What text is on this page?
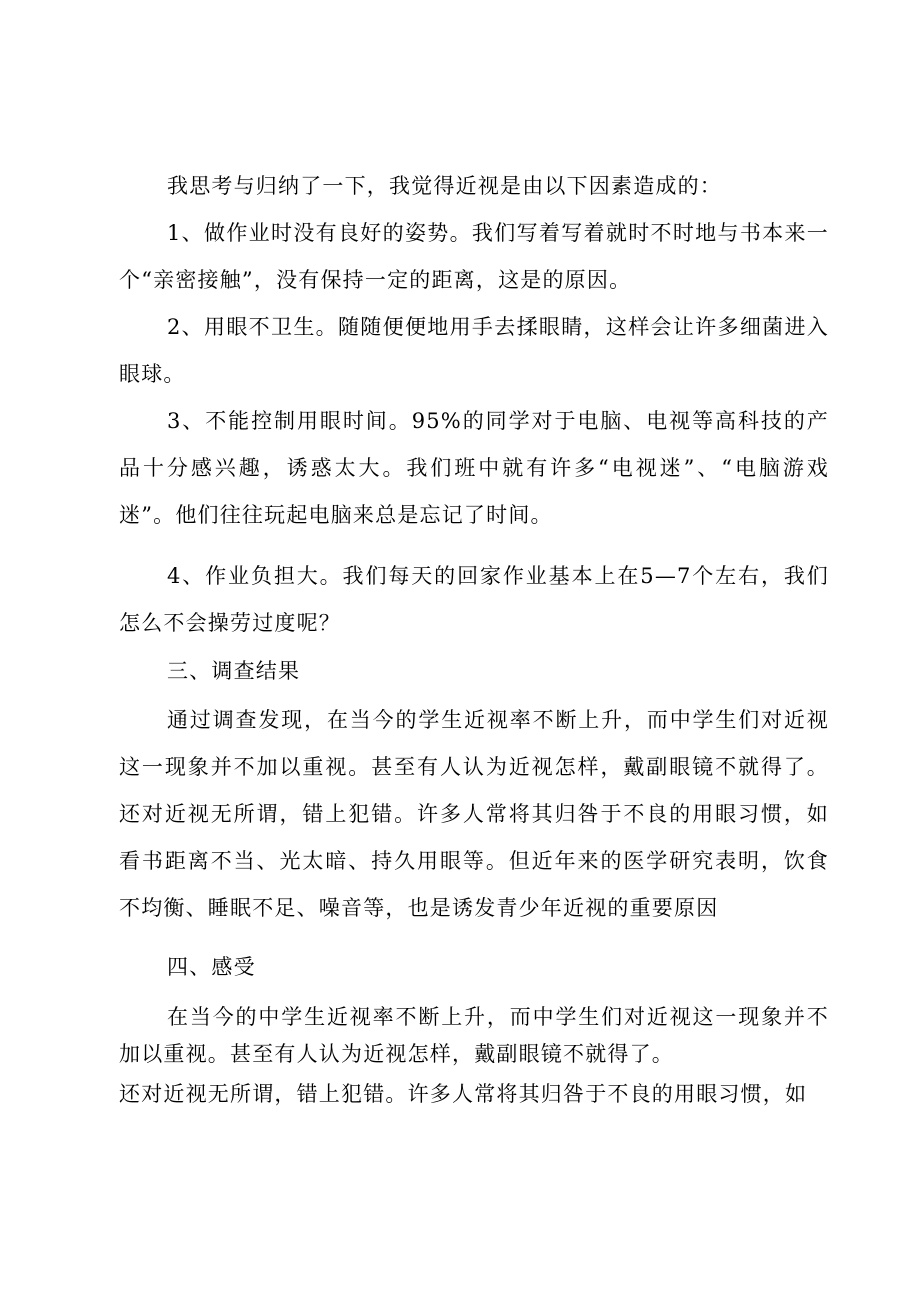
我思考与归纳了一下，我觉得近视是由以下因素造成的：

1、做作业时没有良好的姿势。我们写着写着就时不时地与书本来一个“亲密接触”，没有保持一定的距离，这是的原因。

2、用眼不卫生。随随便便地用手去揉眼睛，这样会让许多细菌进入眼球。

3、不能控制用眼时间。95%的同学对于电脑、电视等高科技的产品十分感兴趣，诱惑太大。我们班中就有许多“电视迷”、“电脑游戏迷”。他们往往玩起电脑来总是忘记了时间。

4、作业负担大。我们每天的回家作业基本上在5—7个左右，我们怎么不会操劳过度呢？

三、调查结果

通过调查发现，在当今的学生近视率不断上升，而中学生们对近视这一现象并不加以重视。甚至有人认为近视怎样，戴副眼镜不就得了。还对近视无所谓，错上犯错。许多人常将其归咎于不良的用眼习惯，如看书距离不当、光太暗、持久用眼等。但近年来的医学研究表明，饮食不均衡、睡眠不足、噪音等，也是诱发青少年近视的重要原因

四、感受

在当今的中学生近视率不断上升，而中学生们对近视这一现象并不加以重视。甚至有人认为近视怎样，戴副眼镜不就得了。

还对近视无所谓，错上犯错。许多人常将其归咎于不良的用眼习惯，如
